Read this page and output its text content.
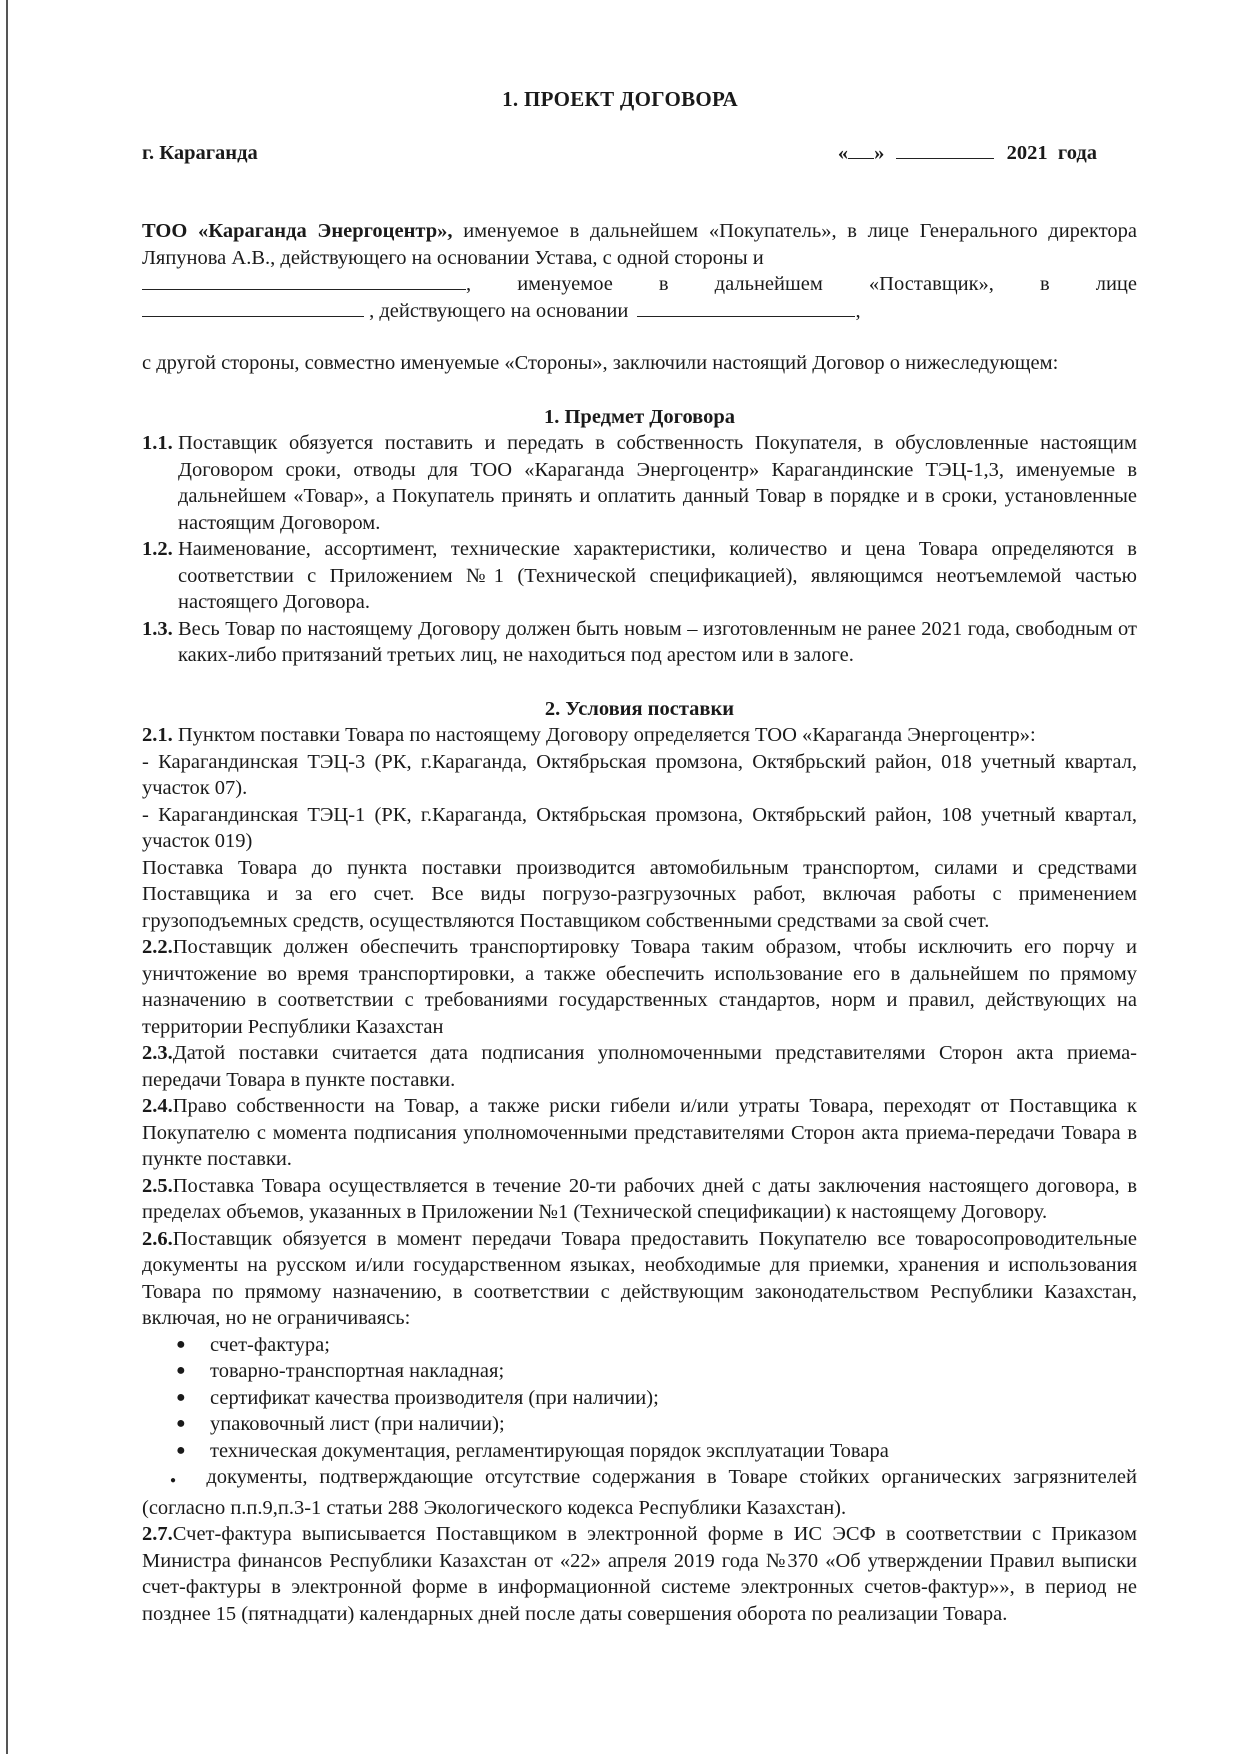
1. ПРОЕКТ ДОГОВОРА
г. Караганда	« »	2021 года
ТОО «Караганда Энергоцентр», именуемое в дальнейшем «Покупатель», в лице Генерального директора Ляпунова А.В., действующего на основании Устава, с одной стороны и
, именуемое в дальнейшем «Поставщик», в лице
, действующего на основании	,
с другой стороны, совместно именуемые «Стороны», заключили настоящий Договор о нижеследующем:
1. Предмет Договора
1.1. Поставщик обязуется поставить и передать в собственность Покупателя, в обусловленные настоящим Договором сроки, отводы для ТОО «Караганда Энергоцентр» Карагандинские ТЭЦ-1,3, именуемые в дальнейшем «Товар», а Покупатель принять и оплатить данный Товар в порядке и в сроки, установленные настоящим Договором.
1.2. Наименование, ассортимент, технические характеристики, количество и цена Товара определяются в соответствии с Приложением №1 (Технической спецификацией), являющимся неотъемлемой частью настоящего Договора.
1.3. Весь Товар по настоящему Договору должен быть новым – изготовленным не ранее 2021 года, свободным от каких-либо притязаний третьих лиц, не находиться под арестом или в залоге.
2. Условия поставки
2.1. Пунктом поставки Товара по настоящему Договору определяется ТОО «Караганда Энергоцентр»:
- Карагандинская ТЭЦ-3 (РК, г.Караганда, Октябрьская промзона, Октябрьский район, 018 учетный квартал, участок 07).
- Карагандинская ТЭЦ-1 (РК, г.Караганда, Октябрьская промзона, Октябрьский район, 108 учетный квартал, участок 019)
Поставка Товара до пункта поставки производится автомобильным транспортом, силами и средствами Поставщика и за его счет. Все виды погрузо-разгрузочных работ, включая работы с применением грузоподъемных средств, осуществляются Поставщиком собственными средствами за свой счет.
2.2.Поставщик должен обеспечить транспортировку Товара таким образом, чтобы исключить его порчу и уничтожение во время транспортировки, а также обеспечить использование его в дальнейшем по прямому назначению в соответствии с требованиями государственных стандартов, норм и правил, действующих на территории Республики Казахстан
2.3.Датой поставки считается дата подписания уполномоченными представителями Сторон акта приема-передачи Товара в пункте поставки.
2.4.Право собственности на Товар, а также риски гибели и/или утраты Товара, переходят от Поставщика к Покупателю с момента подписания уполномоченными представителями Сторон акта приема-передачи Товара в пункте поставки.
2.5.Поставка Товара осуществляется в течение 20-ти рабочих дней с даты заключения настоящего договора, в пределах объемов, указанных в Приложении №1 (Технической спецификации) к настоящему Договору.
2.6.Поставщик обязуется в момент передачи Товара предоставить Покупателю все товаросопроводительные документы на русском и/или государственном языках, необходимые для приемки, хранения и использования Товара по прямому назначению, в соответствии с действующим законодательством Республики Казахстан, включая, но не ограничиваясь:
●	счет-фактура;
●	товарно-транспортная накладная;
●	сертификат качества производителя (при наличии);
●	упаковочный лист (при наличии);
●	техническая документация, регламентирующая порядок эксплуатации Товара
● документы, подтверждающие отсутствие содержания в Товаре стойких органических загрязнителей (согласно п.п.9,п.3-1 статьи 288 Экологического кодекса Республики Казахстан).
2.7.Счет-фактура выписывается Поставщиком в электронной форме в ИС ЭСФ в соответствии с Приказом Министра финансов Республики Казахстан от «22» апреля 2019 года №370 «Об утверждении Правил выписки счет-фактуры в электронной форме в информационной системе электронных счетов-фактур»», в период не позднее 15 (пятнадцати) календарных дней после даты совершения оборота по реализации Товара.
